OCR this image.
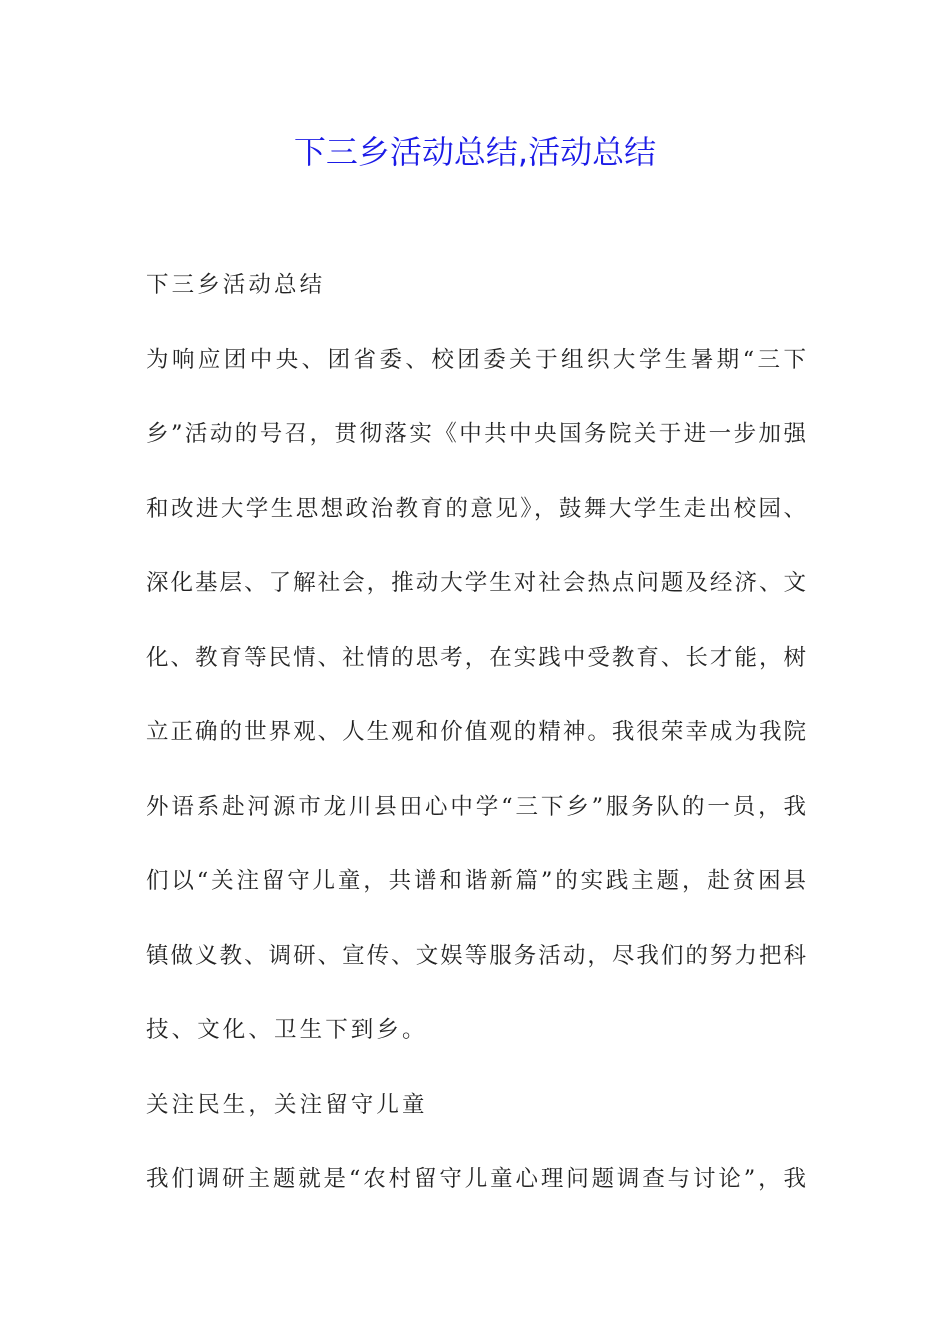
下三乡活动总结,活动总结
下三乡活动总结
为响应团中央、团省委、校团委关于组织大学生暑期“三下
乡”活动的号召，贯彻落实《中共中央国务院关于进一步加强
和改进大学生思想政治教育的意见》，鼓舞大学生走出校园、
深化基层、了解社会，推动大学生对社会热点问题及经济、文
化、教育等民情、社情的思考，在实践中受教育、长才能，树
立正确的世界观、人生观和价值观的精神。我很荣幸成为我院
外语系赴河源市龙川县田心中学“三下乡”服务队的一员，我
们以“关注留守儿童，共谱和谐新篇”的实践主题，赴贫困县
镇做义教、调研、宣传、文娱等服务活动，尽我们的努力把科
技、文化、卫生下到乡。
关注民生，关注留守儿童
我们调研主题就是“农村留守儿童心理问题调查与讨论”，我
